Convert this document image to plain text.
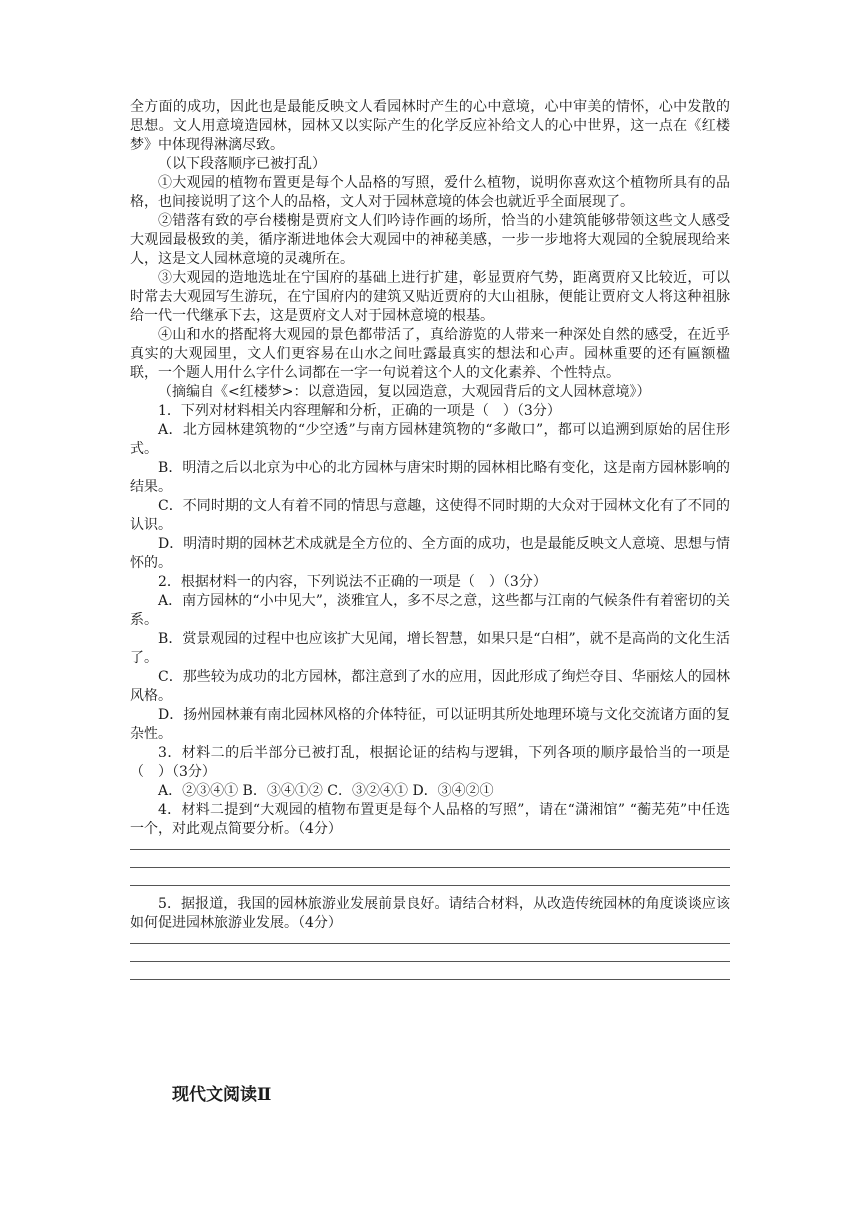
全方面的成功，因此也是最能反映文人看园林时产生的心中意境，心中审美的情怀，心中发散的思想。文人用意境造园林，园林又以实际产生的化学反应补给文人的心中世界，这一点在《红楼梦》中体现得淋漓尽致。

（以下段落顺序已被打乱）

①大观园的植物布置更是每个人品格的写照，爱什么植物，说明你喜欢这个植物所具有的品格，也间接说明了这个人的品格，文人对于园林意境的体会也就近乎全面展现了。

②错落有致的亭台楼榭是贾府文人们吟诗作画的场所，恰当的小建筑能够带领这些文人感受大观园最极致的美，循序渐进地体会大观园中的神秘美感，一步一步地将大观园的全貌展现给来人，这是文人园林意境的灵魂所在。

③大观园的造地选址在宁国府的基础上进行扩建，彰显贾府气势，距离贾府又比较近，可以时常去大观园写生游玩，在宁国府内的建筑又贴近贾府的大山祖脉，便能让贾府文人将这种祖脉给一代一代继承下去，这是贾府文人对于园林意境的根基。

④山和水的搭配将大观园的景色都带活了，真给游览的人带来一种深处自然的感受，在近乎真实的大观园里，文人们更容易在山水之间吐露最真实的想法和心声。园林重要的还有匾额楹联，一个题人用什么字什么词都在一字一句说着这个人的文化素养、个性特点。

（摘编自《<红楼梦>：以意造园，复以园造意，大观园背后的文人园林意境》）

1．下列对材料相关内容理解和分析，正确的一项是（　）（3分）

A．北方园林建筑物的“少空透”与南方园林建筑物的“多敞口”，都可以追溯到原始的居住形式。

B．明清之后以北京为中心的北方园林与唐宋时期的园林相比略有变化，这是南方园林影响的结果。

C．不同时期的文人有着不同的情思与意趣，这使得不同时期的大众对于园林文化有了不同的认识。

D．明清时期的园林艺术成就是全方位的、全方面的成功，也是最能反映文人意境、思想与情怀的。

2．根据材料一的内容，下列说法不正确的一项是（　）（3分）

A．南方园林的“小中见大”，淡雅宜人，多不尽之意，这些都与江南的气候条件有着密切的关系。

B．赏景观园的过程中也应该扩大见闻，增长智慧，如果只是“白相”，就不是高尚的文化生活了。

C．那些较为成功的北方园林，都注意到了水的应用，因此形成了绚烂夺目、华丽炫人的园林风格。

D．扬州园林兼有南北园林风格的介体特征，可以证明其所处地理环境与文化交流诸方面的复杂性。

3．材料二的后半部分已被打乱，根据论证的结构与逻辑，下列各项的顺序最恰当的一项是（　）（3分）

A．②③④① B．③④①② C．③②④① D．③④②①

4．材料二提到“大观园的植物布置更是每个人品格的写照”，请在“潇湘馆” “蘅芜苑”中任选一个，对此观点简要分析。（4分）

5．据报道，我国的园林旅游业发展前景良好。请结合材料，从改造传统园林的角度谈谈应该如何促进园林旅游业发展。（4分）

现代文阅读Ⅱ
